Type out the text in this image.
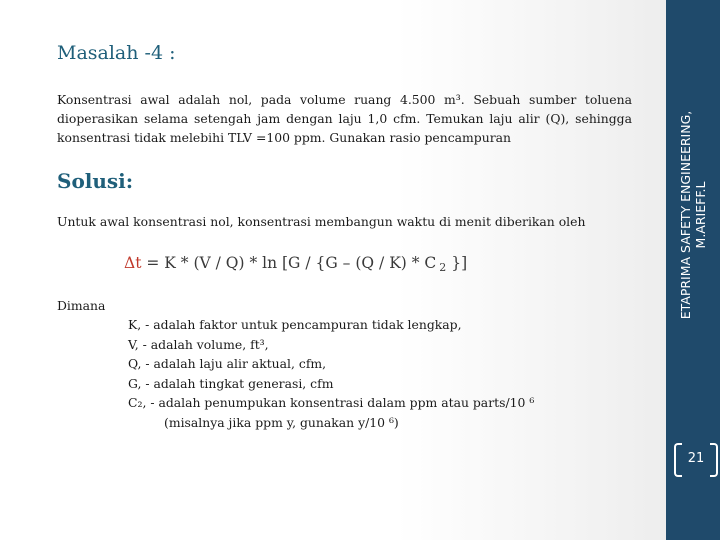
Masalah -4 :
Konsentrasi awal adalah nol, pada volume ruang 4.500 m³. Sebuah sumber toluena dioperasikan selama setengah jam dengan laju 1,0 cfm. Temukan laju alir (Q), sehingga konsentrasi tidak melebihi TLV =100 ppm. Gunakan rasio pencampuran
Solusi:
Untuk awal konsentrasi nol, konsentrasi membangun waktu di menit diberikan oleh
Δt = K * (V / Q) * ln [G / {G – (Q / K) * C $_2$ }]
Dimana
K, - adalah faktor untuk pencampuran tidak lengkap,
V, - adalah volume, ft³,
Q, - adalah laju alir aktual, cfm,
G, - adalah tingkat generasi, cfm
C₂, - adalah penumpukan konsentrasi dalam ppm atau parts/10 ⁶
(misalnya jika ppm y, gunakan y/10 ⁶)
ETAPRIMA SAFETY ENGINEERING, M.ARIEFF.L
21
